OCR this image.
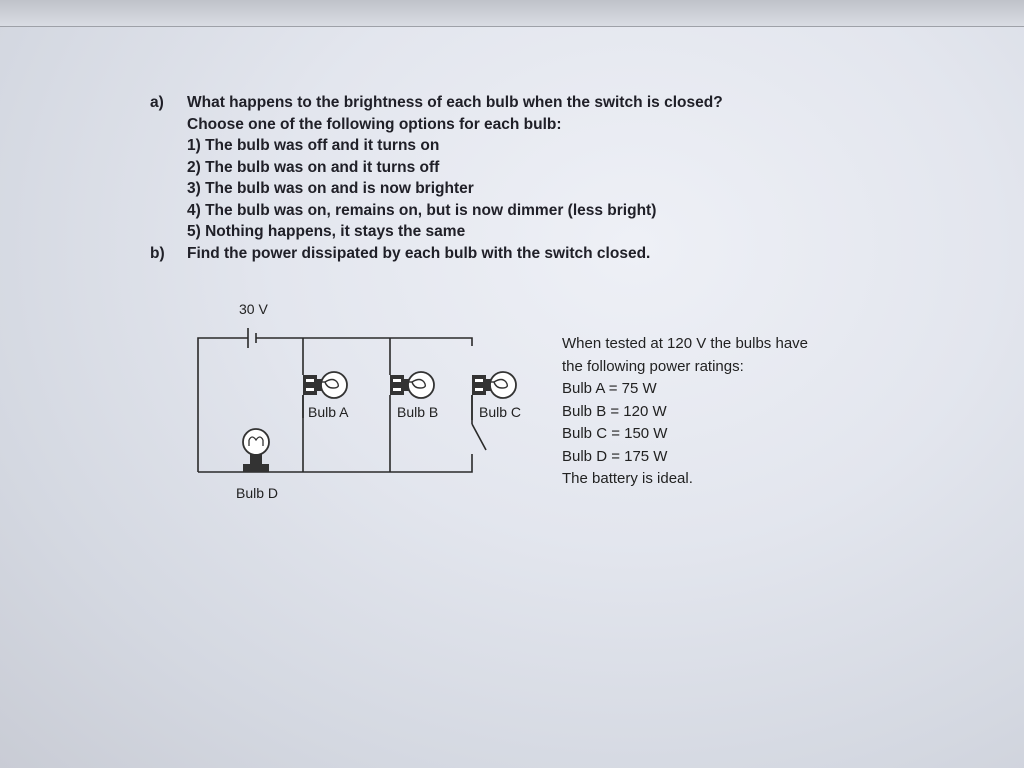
a) What happens to the brightness of each bulb when the switch is closed?
Choose one of the following options for each bulb:
1) The bulb was off and it turns on
2) The bulb was on and it turns off
3) The bulb was on and is now brighter
4) The bulb was on, remains on, but is now dimmer (less bright)
5) Nothing happens, it stays the same
b) Find the power dissipated by each bulb with the switch closed.
30 V
Bulb A	Bulb B	Bulb C
Bulb D
When tested at 120 V the bulbs have
the following power ratings:
Bulb A = 75 W
Bulb B = 120 W
Bulb C = 150 W
Bulb D = 175 W
The battery is ideal.
